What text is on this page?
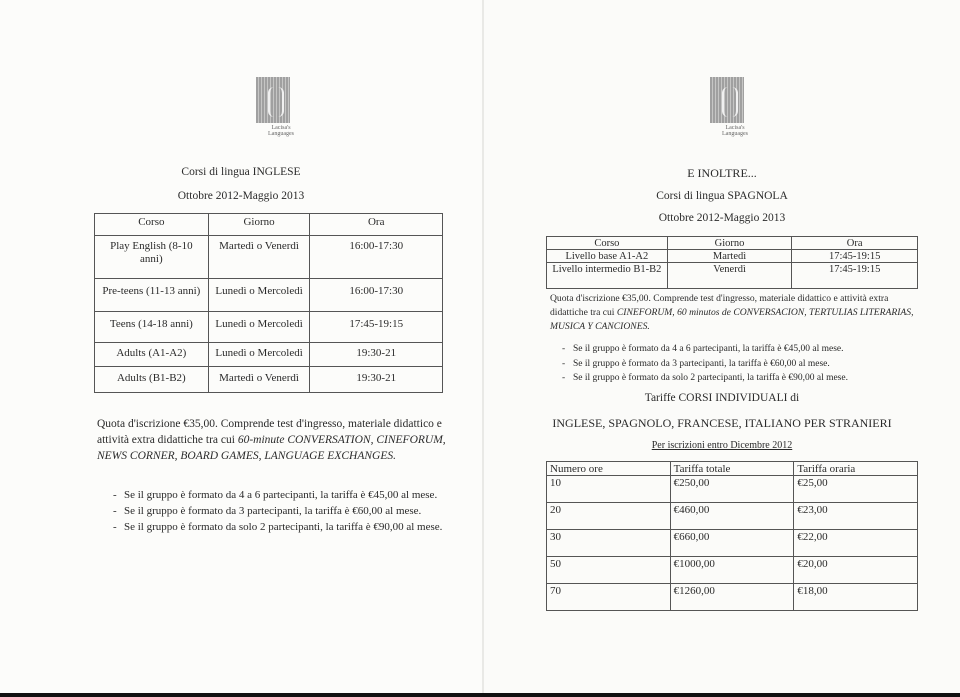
Lacisa's
Languages
Corsi di lingua INGLESE
Ottobre 2012-Maggio 2013
Corso	Giorno	Ora
Play English (8-10 anni)	Martedì o Venerdì	16:00-17:30
Pre-teens (11-13 anni)	Lunedì o Mercoledì	16:00-17:30
Teens (14-18 anni)	Lunedì o Mercoledì	17:45-19:15
Adults (A1-A2)	Lunedì o Mercoledì	19:30-21
Adults (B1-B2)	Martedì o Venerdì	19:30-21
Quota d'iscrizione €35,00. Comprende test d'ingresso, materiale didattico e attività extra didattiche tra cui 60-minute CONVERSATION, CINEFORUM, NEWS CORNER, BOARD GAMES, LANGUAGE EXCHANGES.
- Se il gruppo è formato da 4 a 6 partecipanti, la tariffa è €45,00 al mese.
- Se il gruppo è formato da 3 partecipanti, la tariffa è €60,00 al mese.
- Se il gruppo è formato da solo 2 partecipanti, la tariffa è €90,00 al mese.
Lacisa's
Languages
E INOLTRE...
Corsi di lingua SPAGNOLA
Ottobre 2012-Maggio 2013
Corso	Giorno	Ora
Livello base A1-A2	Martedì	17:45-19:15
Livello intermedio B1-B2	Venerdì	17:45-19:15
Quota d'iscrizione €35,00. Comprende test d'ingresso, materiale didattico e attività extra didattiche tra cui CINEFORUM, 60 minutos de CONVERSACION, TERTULIAS LITERARIAS, MUSICA Y CANCIONES.
- Se il gruppo è formato da 4 a 6 partecipanti, la tariffa è €45,00 al mese.
- Se il gruppo è formato da 3 partecipanti, la tariffa è €60,00 al mese.
- Se il gruppo è formato da solo 2 partecipanti, la tariffa è €90,00 al mese.
Tariffe CORSI INDIVIDUALI di
INGLESE, SPAGNOLO, FRANCESE, ITALIANO PER STRANIERI
Per iscrizioni entro Dicembre 2012
Numero ore	Tariffa totale	Tariffa oraria
10	€250,00	€25,00
20	€460,00	€23,00
30	€660,00	€22,00
50	€1000,00	€20,00
70	€1260,00	€18,00
